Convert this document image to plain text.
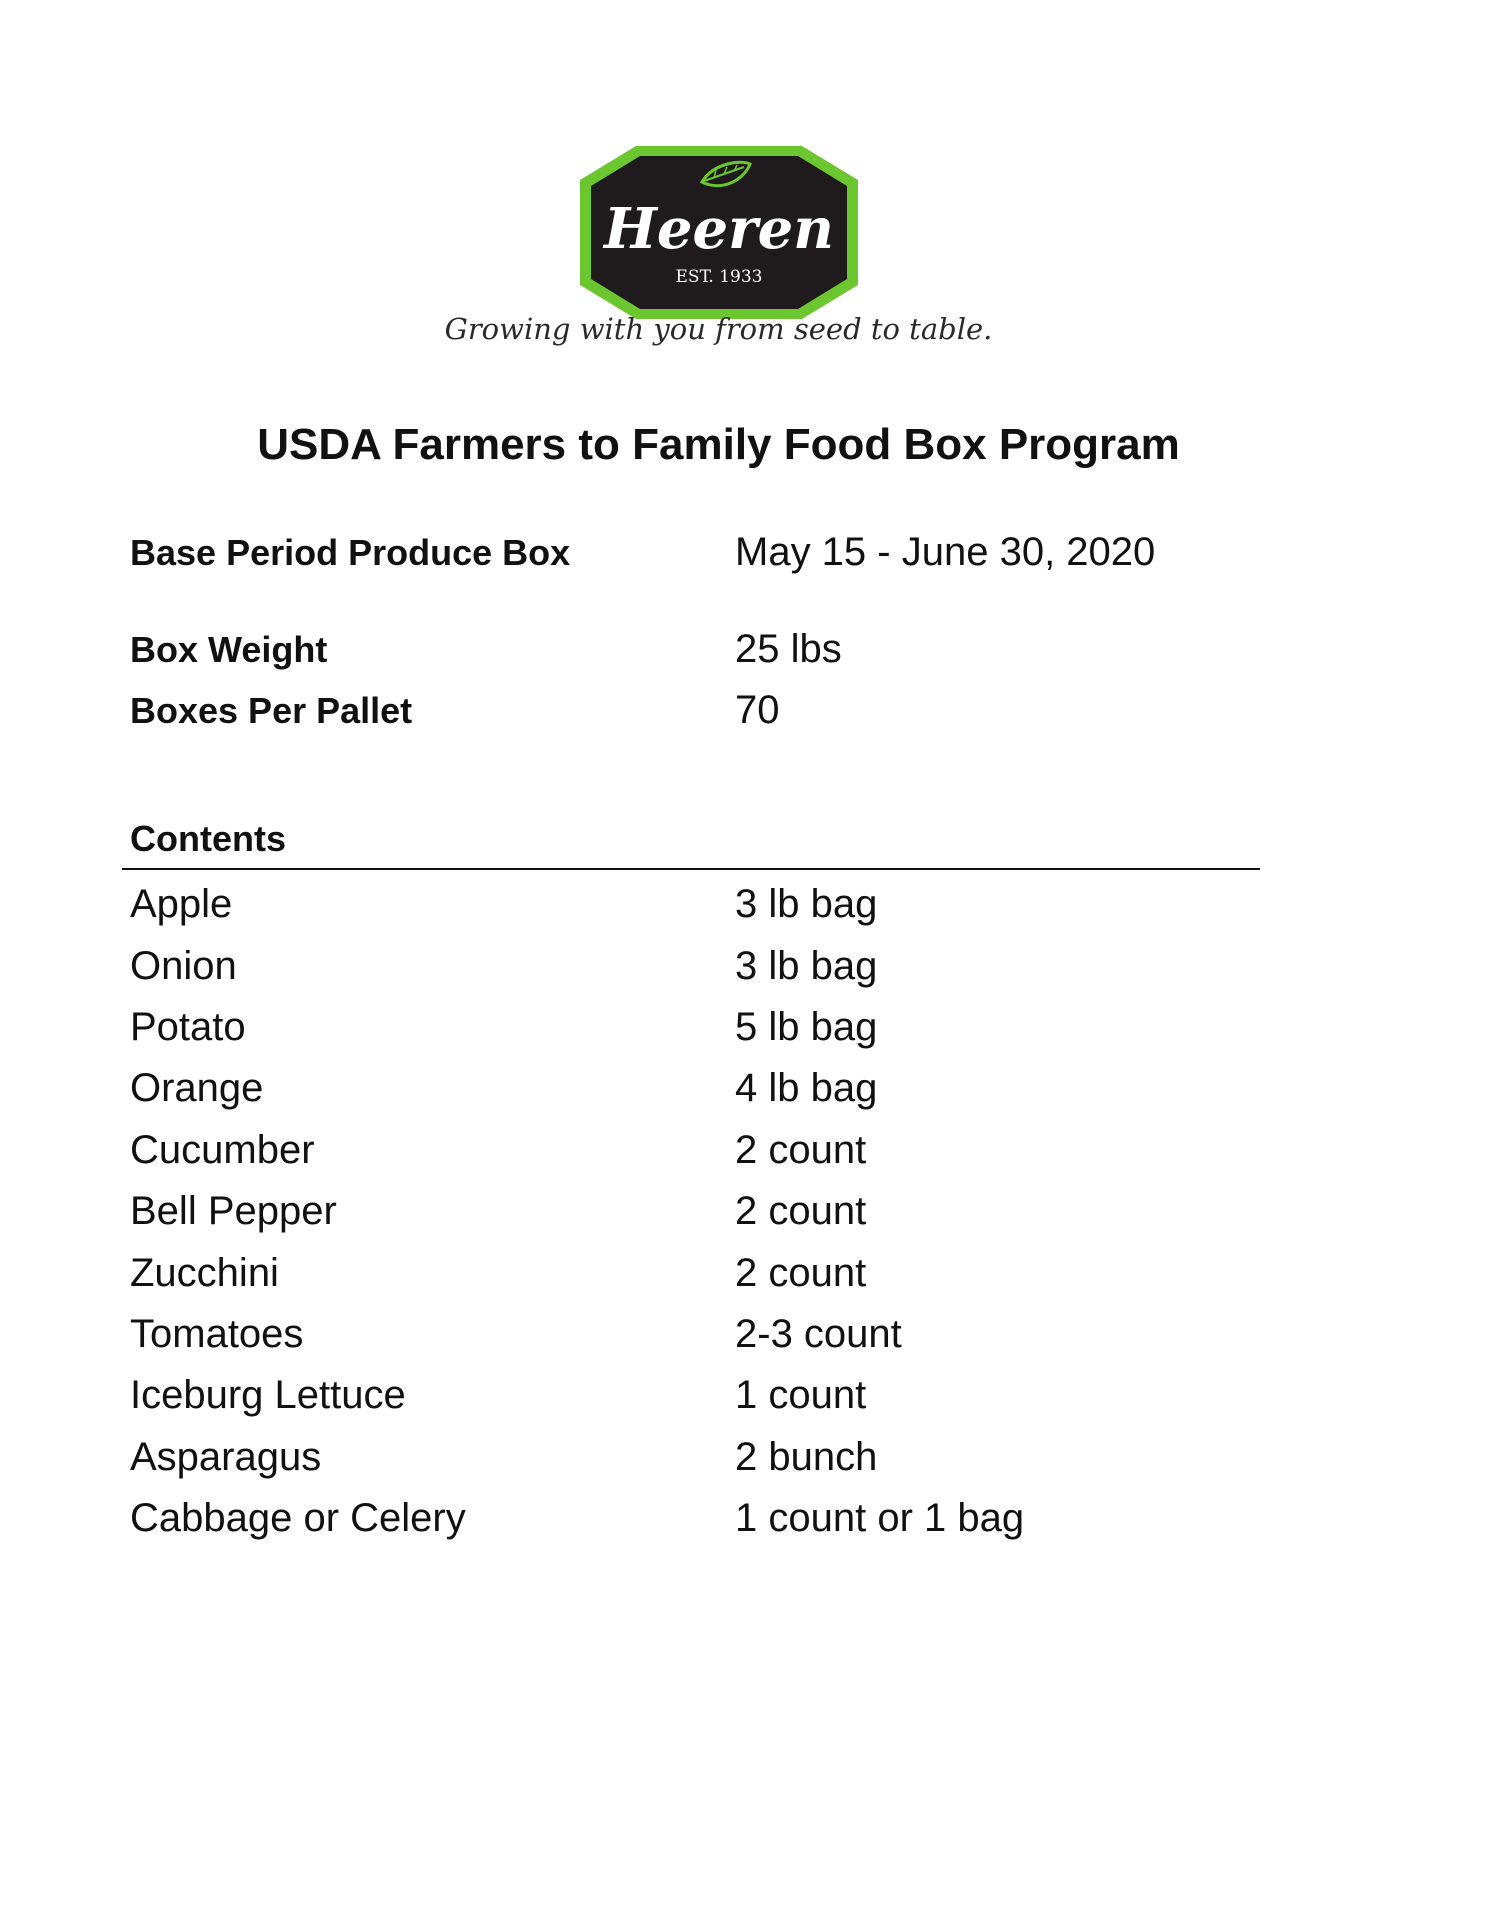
Heeren
EST. 1933
Growing with you from seed to table.
USDA Farmers to Family Food Box Program
Base Period Produce Box	May 15 - June 30, 2020
Box Weight	25 lbs
Boxes Per Pallet	70
Contents
Apple	3 lb bag
Onion	3 lb bag
Potato	5 lb bag
Orange	4 lb bag
Cucumber	2 count
Bell Pepper	2 count
Zucchini	2 count
Tomatoes	2-3 count
Iceburg Lettuce	1 count
Asparagus	2 bunch
Cabbage or Celery	1 count or 1 bag
